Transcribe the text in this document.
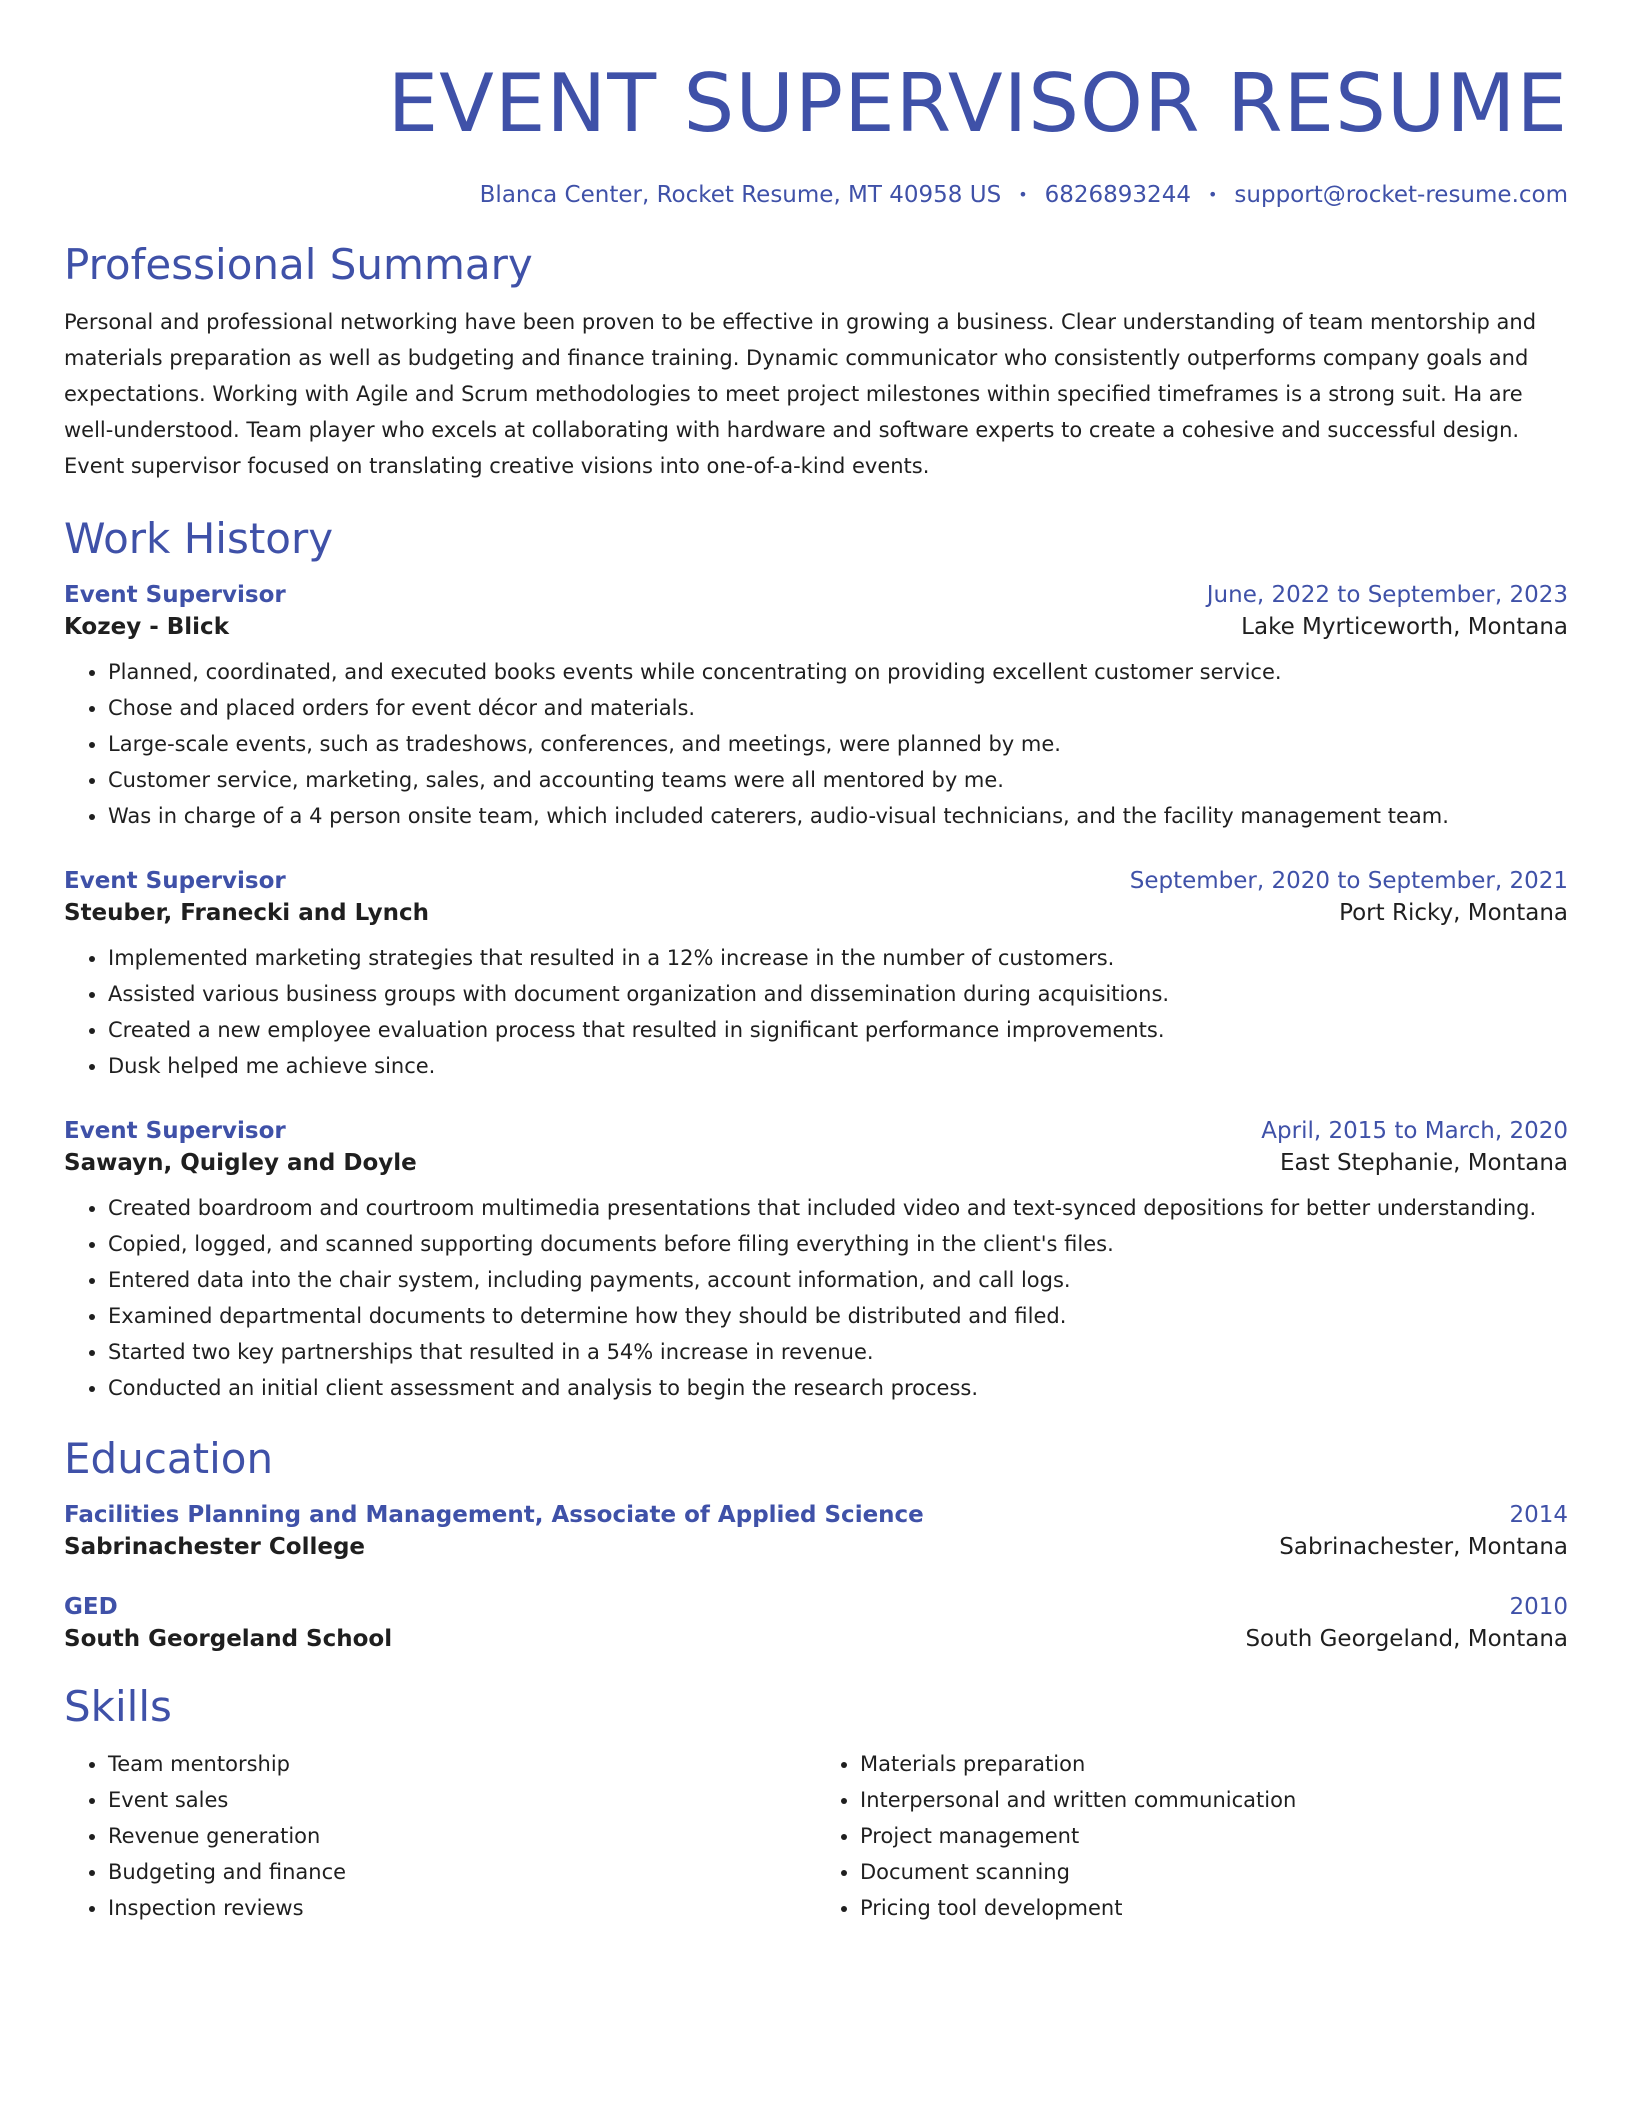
EVENT SUPERVISOR RESUME
Blanca Center, Rocket Resume, MT 40958 US • 6826893244 • support@rocket-resume.com
Professional Summary

Personal and professional networking have been proven to be effective in growing a business. Clear understanding of team mentorship and materials preparation as well as budgeting and finance training. Dynamic communicator who consistently outperforms company goals and expectations. Working with Agile and Scrum methodologies to meet project milestones within specified timeframes is a strong suit. Ha are well-understood. Team player who excels at collaborating with hardware and software experts to create a cohesive and successful design. Event supervisor focused on translating creative visions into one-of-a-kind events.

Work History
Event Supervisor	June, 2022 to September, 2023
Kozey - Blick	Lake Myrticeworth, Montana
• Planned, coordinated, and executed books events while concentrating on providing excellent customer service.
• Chose and placed orders for event décor and materials.
• Large-scale events, such as tradeshows, conferences, and meetings, were planned by me.
• Customer service, marketing, sales, and accounting teams were all mentored by me.
• Was in charge of a 4 person onsite team, which included caterers, audio-visual technicians, and the facility management team.
Event Supervisor	September, 2020 to September, 2021
Steuber, Franecki and Lynch	Port Ricky, Montana
• Implemented marketing strategies that resulted in a 12% increase in the number of customers.
• Assisted various business groups with document organization and dissemination during acquisitions.
• Created a new employee evaluation process that resulted in significant performance improvements.
• Dusk helped me achieve since.
Event Supervisor	April, 2015 to March, 2020
Sawayn, Quigley and Doyle	East Stephanie, Montana
• Created boardroom and courtroom multimedia presentations that included video and text-synced depositions for better understanding.
• Copied, logged, and scanned supporting documents before filing everything in the client's files.
• Entered data into the chair system, including payments, account information, and call logs.
• Examined departmental documents to determine how they should be distributed and filed.
• Started two key partnerships that resulted in a 54% increase in revenue.
• Conducted an initial client assessment and analysis to begin the research process.
Education
Facilities Planning and Management, Associate of Applied Science	2014
Sabrinachester College	Sabrinachester, Montana
GED	2010
South Georgeland School	South Georgeland, Montana
Skills
• Team mentorship
• Event sales
• Revenue generation
• Budgeting and finance
• Inspection reviews
• Materials preparation
• Interpersonal and written communication
• Project management
• Document scanning
• Pricing tool development
